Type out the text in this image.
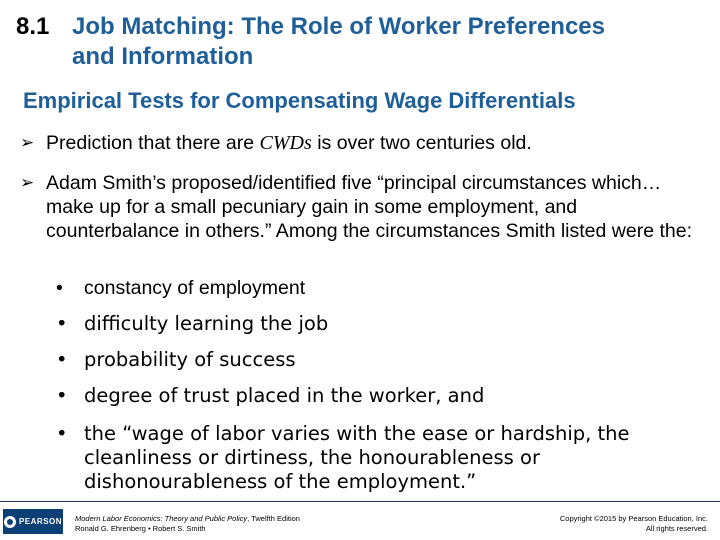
8.1 Job Matching: The Role of Worker Preferences
and Information
Empirical Tests for Compensating Wage Differentials
➢ Prediction that there are CWDs is over two centuries old.
➢ Adam Smith’s proposed/identified five “principal circumstances which… make up for a small pecuniary gain in some employment, and counterbalance in others.” Among the circumstances Smith listed were the:
• constancy of employment
• difficulty learning the job
• probability of success
• degree of trust placed in the worker, and
• the “wage of labor varies with the ease or hardship, the cleanliness or dirtiness, the honourableness or dishonourableness of the employment.”
PEARSON Modern Labor Economics: Theory and Public Policy, Twelfth Edition
Ronald G. Ehrenberg • Robert S. Smith
Copyright ©2015 by Pearson Education, Inc.
All rights reserved.
